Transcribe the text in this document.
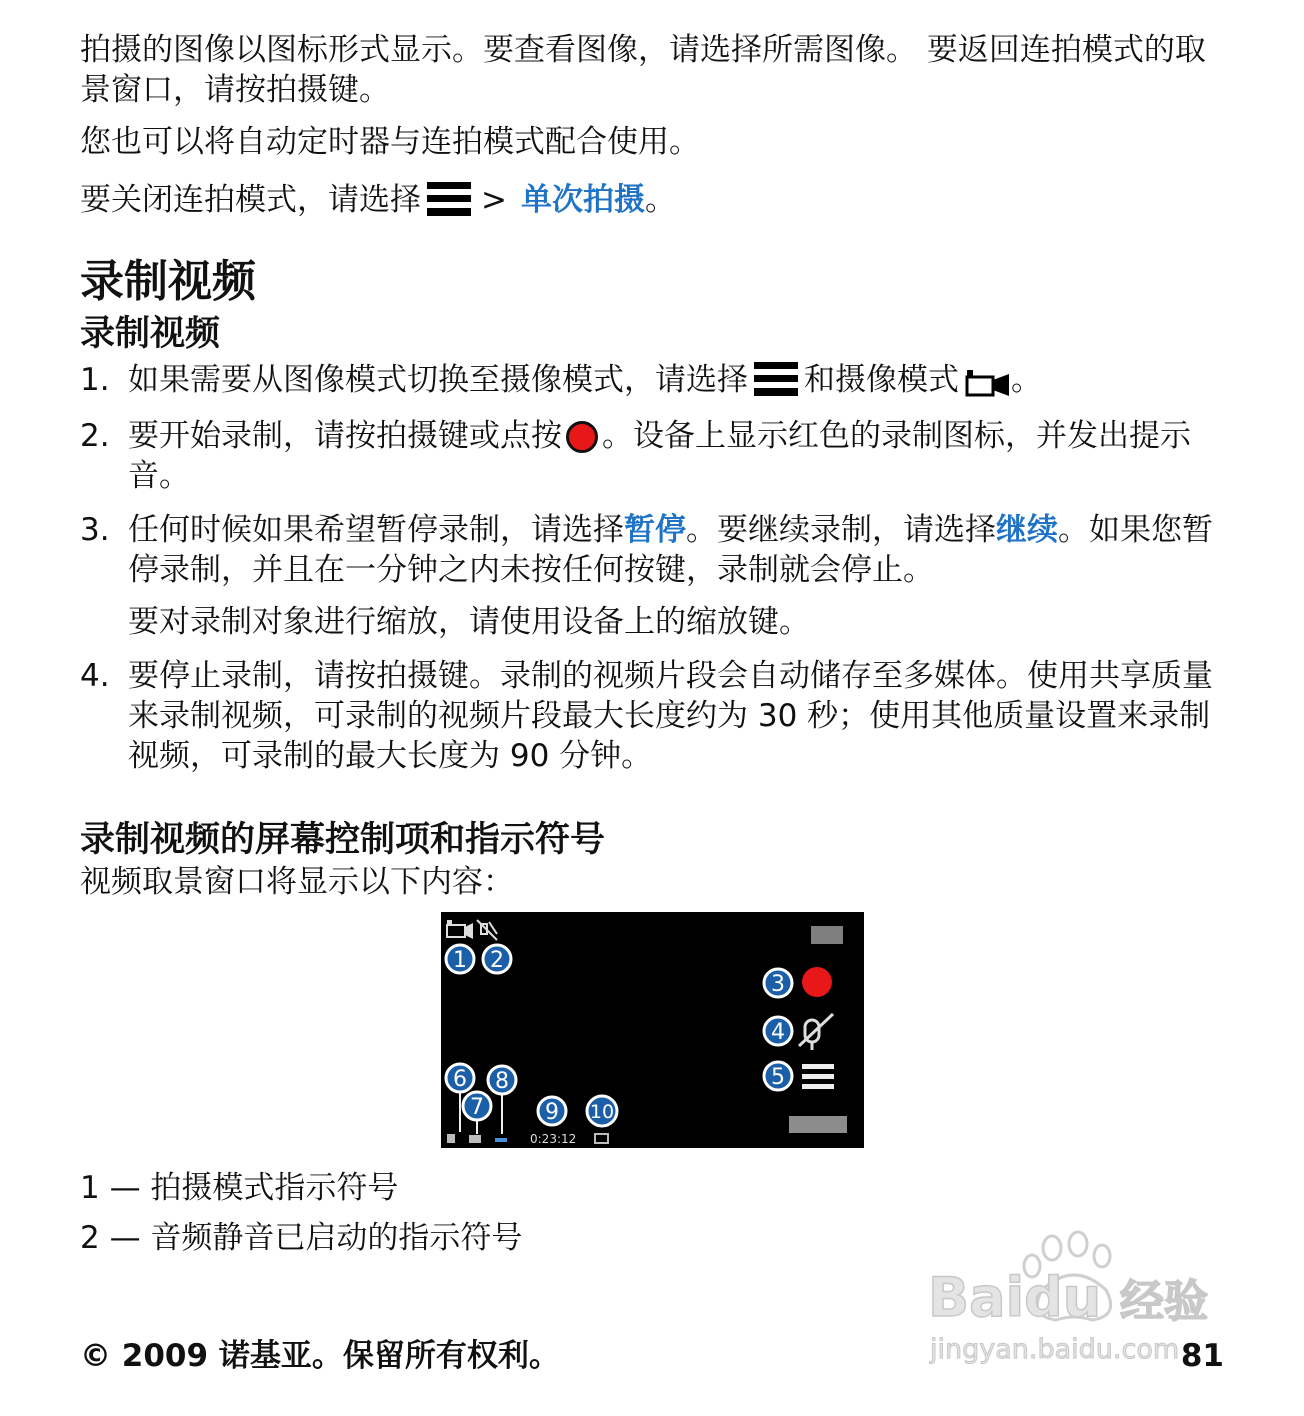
拍摄的图像以图标形式显示。要查看图像，请选择所需图像。 要返回连拍模式的取景窗口，请按拍摄键。

您也可以将自动定时器与连拍模式配合使用。

要关闭连拍模式，请选择 > 单次拍摄。

录制视频
录制视频

1. 如果需要从图像模式切换至摄像模式，请选择 和摄像模式 。

2. 要开始录制，请按拍摄键或点按 。设备上显示红色的录制图标，并发出提示音。

3. 任何时候如果希望暂停录制，请选择暂停。要继续录制，请选择继续。如果您暂停录制，并且在一分钟之内未按任何按键，录制就会停止。

要对录制对象进行缩放，请使用设备上的缩放键。

4. 要停止录制，请按拍摄键。录制的视频片段会自动储存至多媒体。使用共享质量来录制视频，可录制的视频片段最大长度约为 30 秒；使用其他质量设置来录制视频，可录制的最大长度为 90 分钟。

录制视频的屏幕控制项和指示符号

视频取景窗口将显示以下内容：

1 2
3
4
5
6
7
8
9 10
0:23:12
1 — 拍摄模式指示符号
2 — 音频静音已启动的指示符号
© 2009 诺基亚。保留所有权利。	81
Baidu 经验
jingyan.baidu.com
